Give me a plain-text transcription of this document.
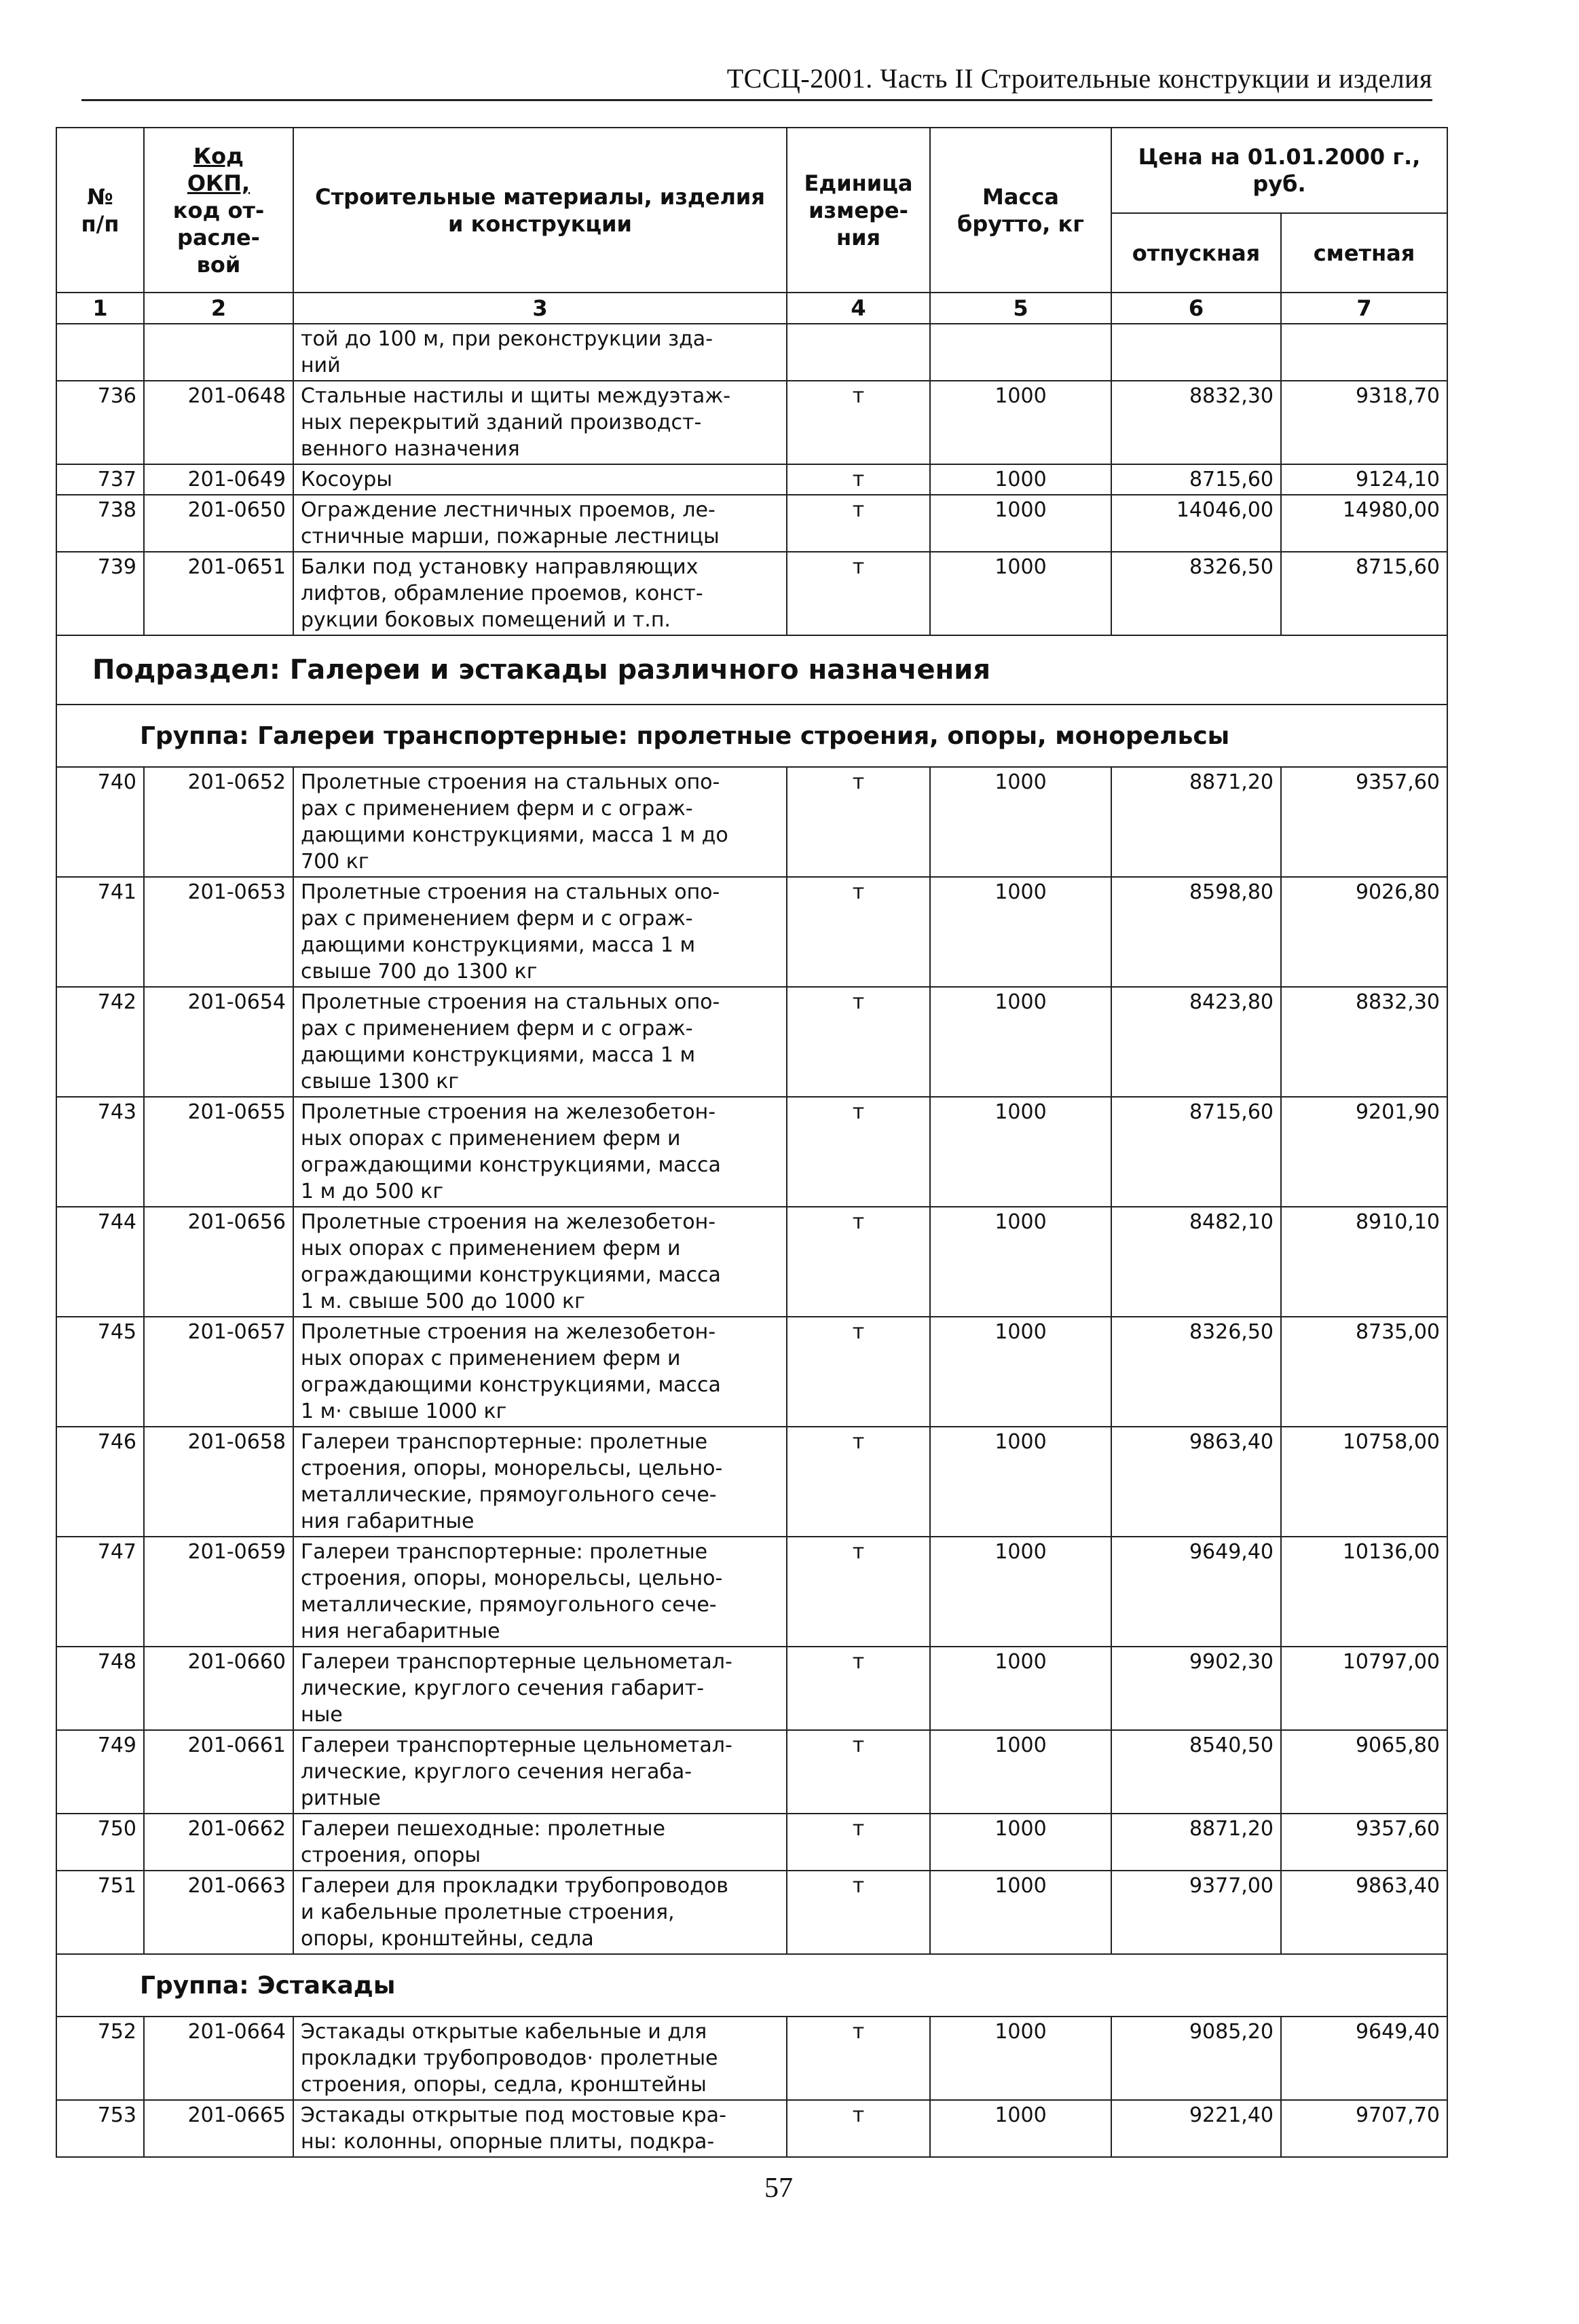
ТССЦ-2001. Часть II Строительные конструкции и изделия
№
п/п	Код
ОКП,
код от-
расле-
вой	Строительные материалы, изделия
и конструкции	Единица
измере-
ния	Масса
брутто, кг	Цена на 01.01.2000 г.,
руб.	
					отпускная	сметная
1	2	3	4	5	6	7
		той до 100 м, при реконструкции зда-
ний				
736	201-0648	Стальные настилы и щиты междуэтаж-
ных перекрытий зданий производст-
венного назначения	т	1000	8832,30	9318,70
737	201-0649	Косоуры	т	1000	8715,60	9124,10
738	201-0650	Ограждение лестничных проемов, ле-
стничные марши, пожарные лестницы	т	1000	14046,00	14980,00
739	201-0651	Балки под установку направляющих
лифтов, обрамление проемов, конст-
рукции боковых помещений и т.п.	т	1000	8326,50	8715,60
Подраздел: Галереи и эстакады различного назначения						
Группа: Галереи транспортерные: пролетные строения, опоры, монорельсы						
740	201-0652	Пролетные строения на стальных опо-
рах с применением ферм и с ограж-
дающими конструкциями, масса 1 м до
700 кг	т	1000	8871,20	9357,60
741	201-0653	Пролетные строения на стальных опо-
рах с применением ферм и с ограж-
дающими конструкциями, масса 1 м
свыше 700 до 1300 кг	т	1000	8598,80	9026,80
742	201-0654	Пролетные строения на стальных опо-
рах с применением ферм и с ограж-
дающими конструкциями, масса 1 м
свыше 1300 кг	т	1000	8423,80	8832,30
743	201-0655	Пролетные строения на железобетон-
ных опорах с применением ферм и
ограждающими конструкциями, масса
1 м до 500 кг	т	1000	8715,60	9201,90
744	201-0656	Пролетные строения на железобетон-
ных опорах с применением ферм и
ограждающими конструкциями, масса
1 м. свыше 500 до 1000 кг	т	1000	8482,10	8910,10
745	201-0657	Пролетные строения на железобетон-
ных опорах с применением ферм и
ограждающими конструкциями, масса
1 м· свыше 1000 кг	т	1000	8326,50	8735,00
746	201-0658	Галереи транспортерные: пролетные
строения, опоры, монорельсы, цельно-
металлические, прямоугольного сече-
ния габаритные	т	1000	9863,40	10758,00
747	201-0659	Галереи транспортерные: пролетные
строения, опоры, монорельсы, цельно-
металлические, прямоугольного сече-
ния негабаритные	т	1000	9649,40	10136,00
748	201-0660	Галереи транспортерные цельнометал-
лические, круглого сечения габарит-
ные	т	1000	9902,30	10797,00
749	201-0661	Галереи транспортерные цельнометал-
лические, круглого сечения негаба-
ритные	т	1000	8540,50	9065,80
750	201-0662	Галереи пешеходные: пролетные
строения, опоры	т	1000	8871,20	9357,60
751	201-0663	Галереи для прокладки трубопроводов
и кабельные пролетные строения,
опоры, кронштейны, седла	т	1000	9377,00	9863,40
Группа: Эстакады						
752	201-0664	Эстакады открытые кабельные и для
прокладки трубопроводов· пролетные
строения, опоры, седла, кронштейны	т	1000	9085,20	9649,40
753	201-0665	Эстакады открытые под мостовые кра-
ны: колонны, опорные плиты, подкра-	т	1000	9221,40	9707,70
57
